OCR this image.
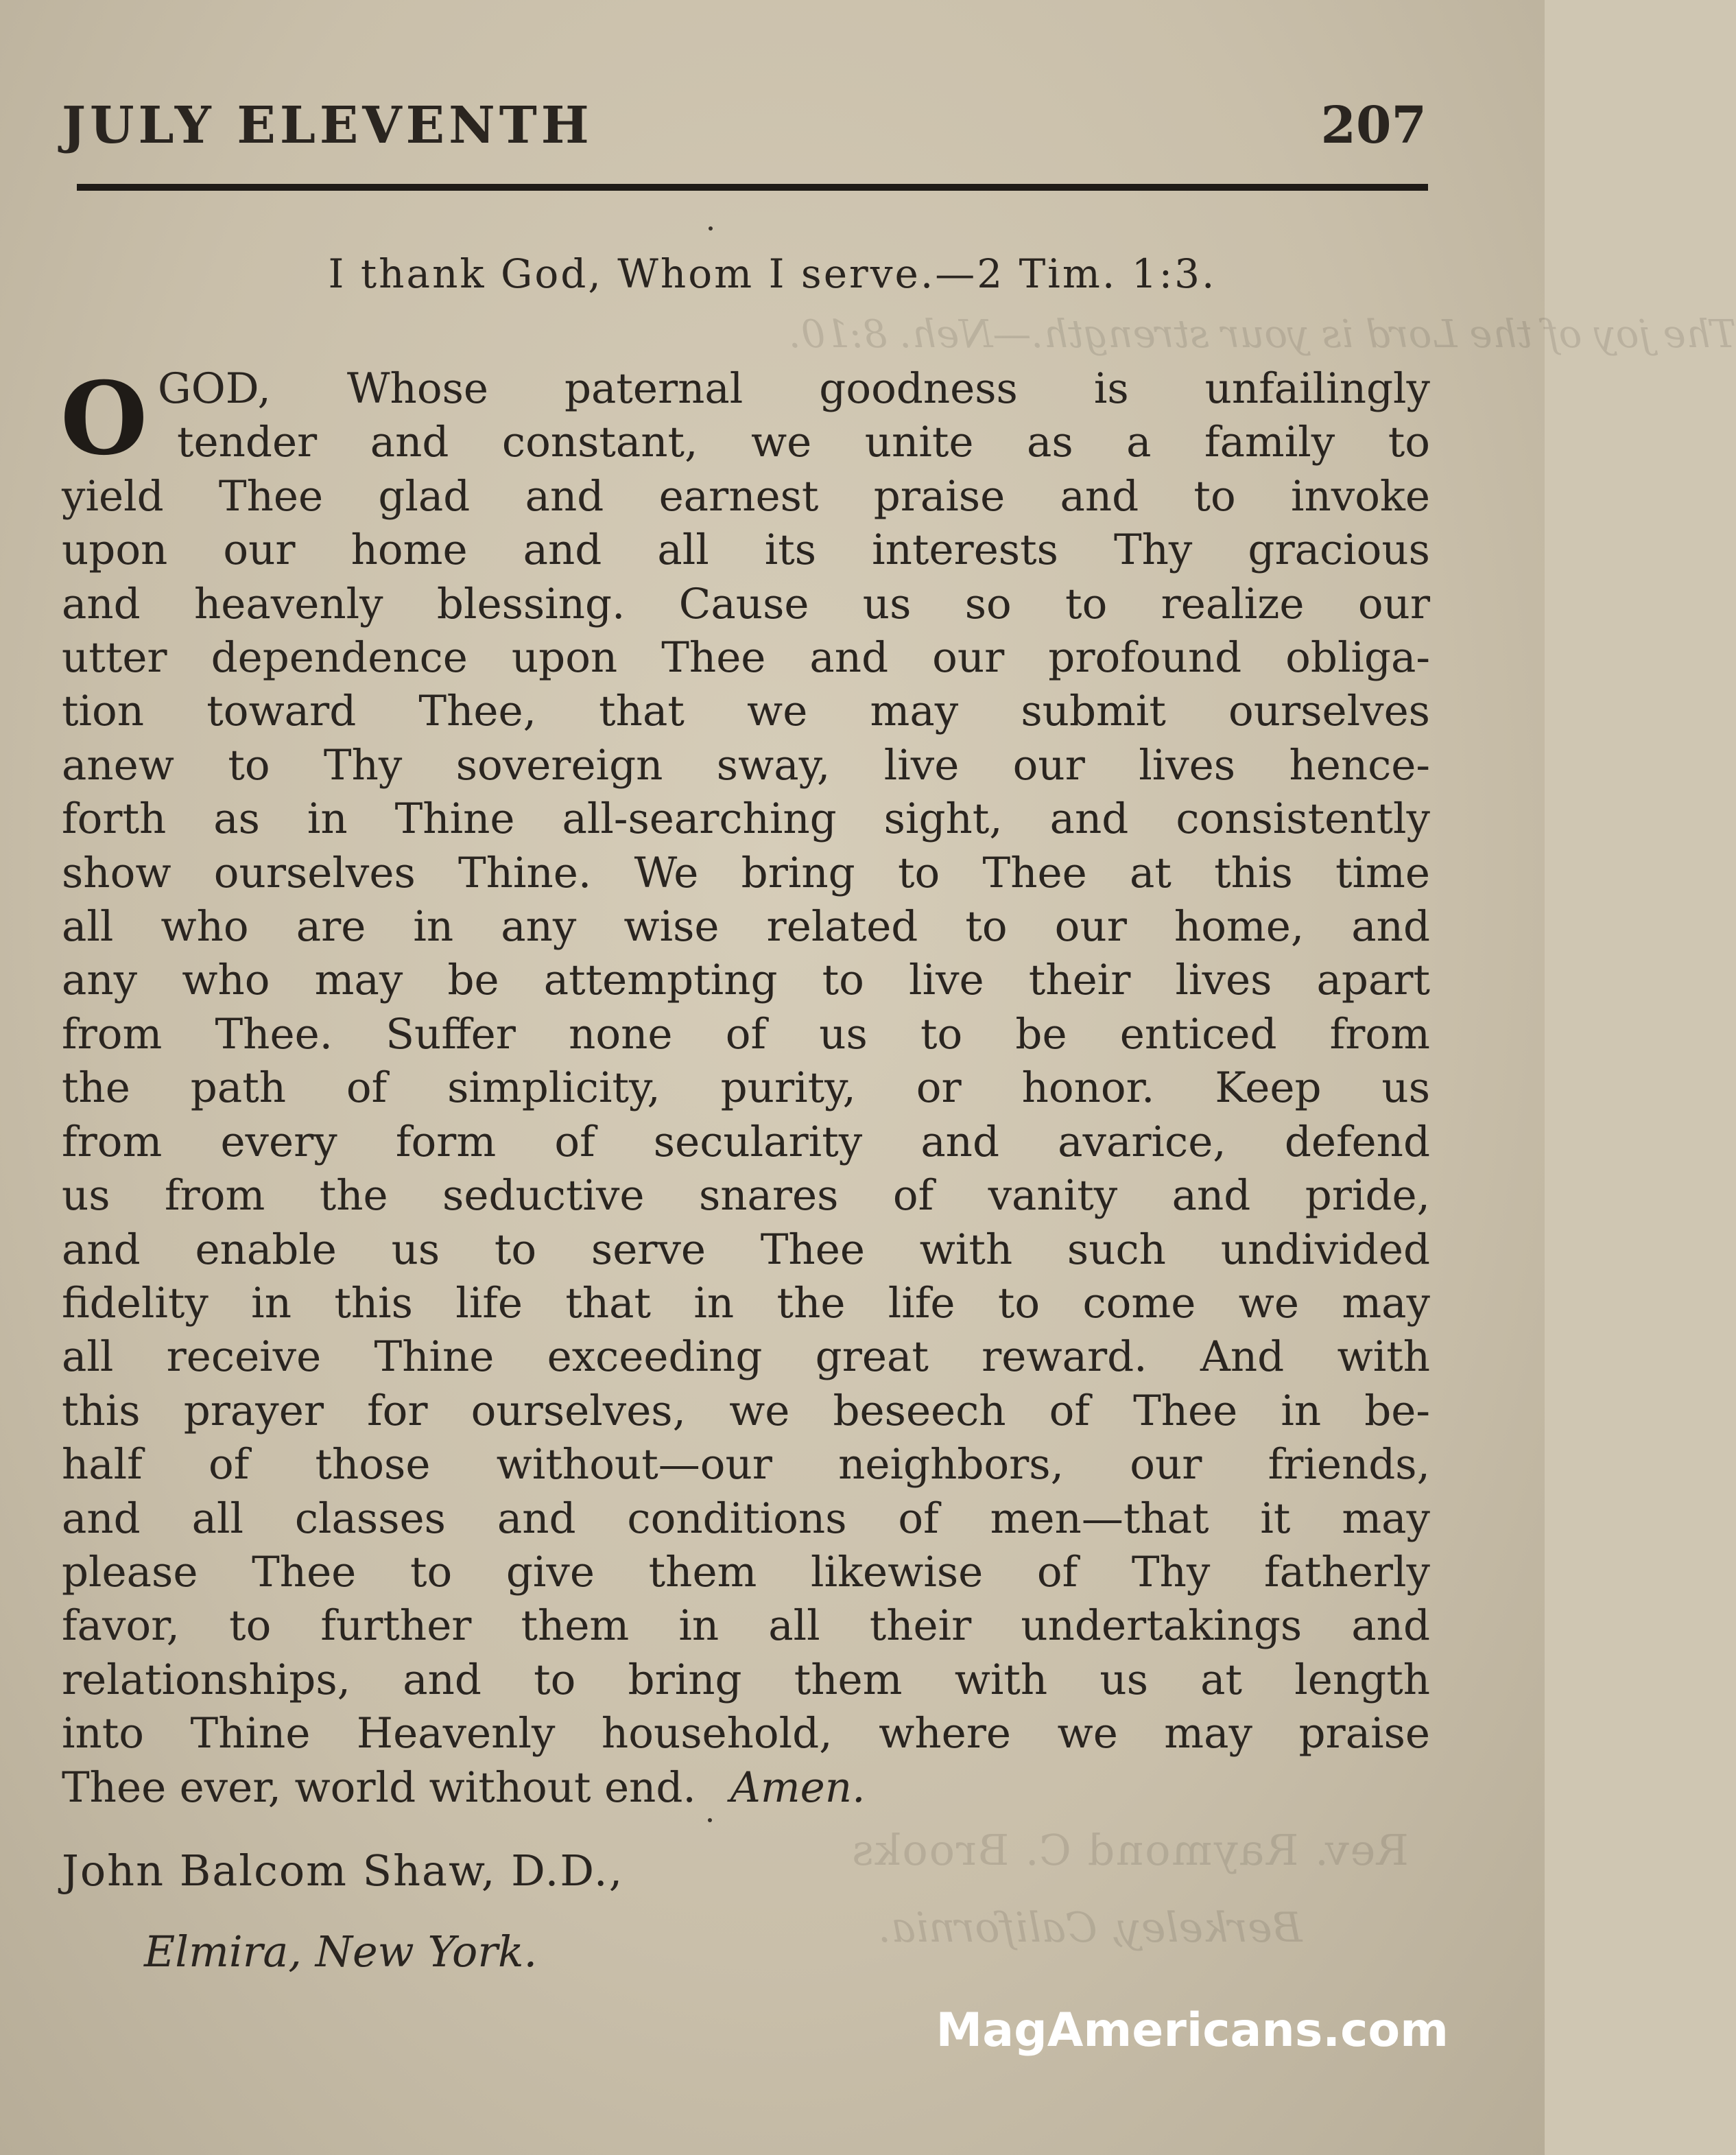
The joy of the Lord is your strength.—Neh. 8:10.
Rev. Raymond C. Brooks
Berkeley, California.
JULY ELEVENTH	207
I thank God, Whom I serve.—2 Tim. 1:3.
O GOD, Whose paternal goodness is unfailingly
tender and constant, we unite as a family to
yield Thee glad and earnest praise and to invoke
upon our home and all its interests Thy gracious
and heavenly blessing. Cause us so to realize our
utter dependence upon Thee and our profound obliga-
tion toward Thee, that we may submit ourselves
anew to Thy sovereign sway, live our lives hence-
forth as in Thine all-searching sight, and consistently
show ourselves Thine. We bring to Thee at this time
all who are in any wise related to our home, and
any who may be attempting to live their lives apart
from Thee. Suffer none of us to be enticed from
the path of simplicity, purity, or honor. Keep us
from every form of secularity and avarice, defend
us from the seductive snares of vanity and pride,
and enable us to serve Thee with such undivided
fidelity in this life that in the life to come we may
all receive Thine exceeding great reward. And with
this prayer for ourselves, we beseech of Thee in be-
half of those without—our neighbors, our friends,
and all classes and conditions of men—that it may
please Thee to give them likewise of Thy fatherly
favor, to further them in all their undertakings and
relationships, and to bring them with us at length
into Thine Heavenly household, where we may praise
Thee ever, world without end. Amen.
John Balcom Shaw, D.D.,
Elmira, New York.
MagAmericans.com
